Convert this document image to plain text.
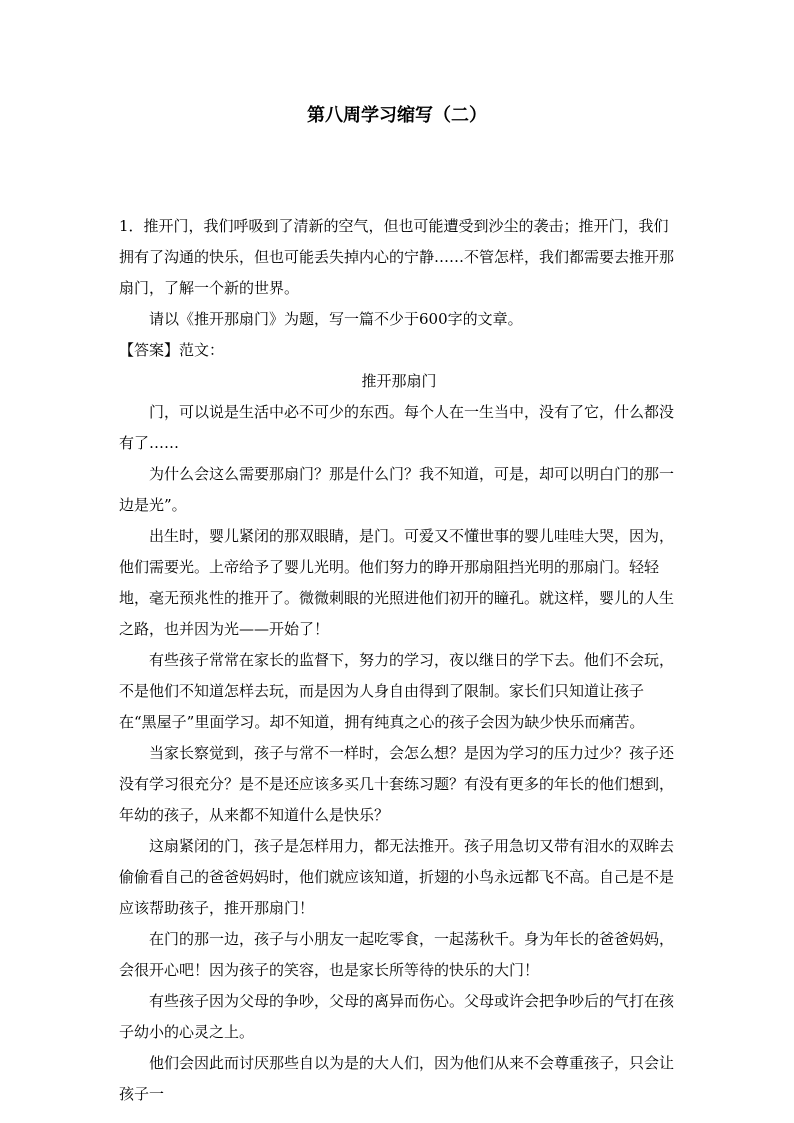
第八周学习缩写（二）

1．推开门，我们呼吸到了清新的空气，但也可能遭受到沙尘的袭击；推开门，我们拥有了沟通的快乐，但也可能丢失掉内心的宁静……不管怎样，我们都需要去推开那扇门，了解一个新的世界。

请以《推开那扇门》为题，写一篇不少于600字的文章。

【答案】范文：

推开那扇门

门，可以说是生活中必不可少的东西。每个人在一生当中，没有了它，什么都没有了……

为什么会这么需要那扇门？那是什么门？我不知道，可是，却可以明白门的那一边是光”。

出生时，婴儿紧闭的那双眼睛，是门。可爱又不懂世事的婴儿哇哇大哭，因为，他们需要光。上帝给予了婴儿光明。他们努力的睁开那扇阻挡光明的那扇门。轻轻地，毫无预兆性的推开了。微微刺眼的光照进他们初开的瞳孔。就这样，婴儿的人生之路，也并因为光——开始了！

有些孩子常常在家长的监督下，努力的学习，夜以继日的学下去。他们不会玩，不是他们不知道怎样去玩，而是因为人身自由得到了限制。家长们只知道让孩子在“黑屋子”里面学习。却不知道，拥有纯真之心的孩子会因为缺少快乐而痛苦。

当家长察觉到，孩子与常不一样时，会怎么想？是因为学习的压力过少？孩子还没有学习很充分？是不是还应该多买几十套练习题？有没有更多的年长的他们想到，年幼的孩子，从来都不知道什么是快乐？

这扇紧闭的门，孩子是怎样用力，都无法推开。孩子用急切又带有泪水的双眸去偷偷看自己的爸爸妈妈时，他们就应该知道，折翅的小鸟永远都飞不高。自己是不是应该帮助孩子，推开那扇门！

在门的那一边，孩子与小朋友一起吃零食，一起荡秋千。身为年长的爸爸妈妈，会很开心吧！因为孩子的笑容，也是家长所等待的快乐的大门！

有些孩子因为父母的争吵，父母的离异而伤心。父母或许会把争吵后的气打在孩子幼小的心灵之上。

他们会因此而讨厌那些自以为是的大人们，因为他们从来不会尊重孩子，只会让孩子一
